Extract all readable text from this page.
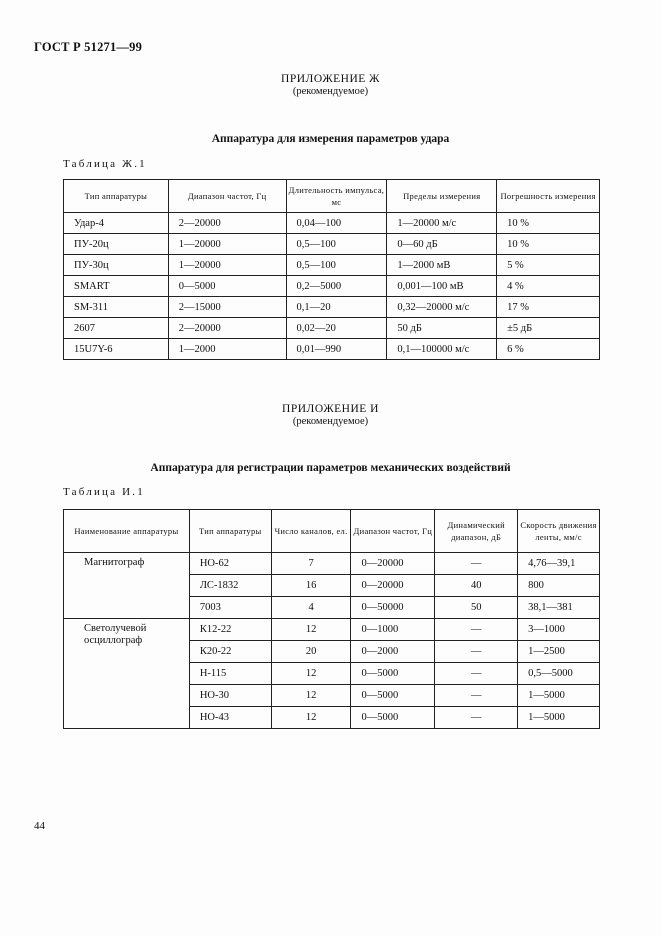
ГОСТ Р 51271—99
ПРИЛОЖЕНИЕ Ж
(рекомендуемое)
Аппаратура для измерения параметров удара
Таблица Ж.1
Тип аппаратуры	Диапазон частот, Гц	Длительность импульса, мс	Пределы измерения	Погрешность измерения
Удар-4	2—20000	0,04—100	1—20000 м/с	10 %
ПУ-20ц	1—20000	0,5—100	0—60 дБ	10 %
ПУ-30ц	1—20000	0,5—100	1—2000 мВ	5 %
SMART	0—5000	0,2—5000	0,001—100 мВ	4 %
SM-311	2—15000	0,1—20	0,32—20000 м/с	17 %
2607	2—20000	0,02—20	50 дБ	±5 дБ
15U7Y-6	1—2000	0,01—990	0,1—100000 м/с	6 %
ПРИЛОЖЕНИЕ И
(рекомендуемое)
Аппаратура для регистрации параметров механических воздействий
Таблица И.1
Наименование аппаратуры	Тип аппаратуры	Число каналов, ел.	Диапазон частот, Гц	Динамический диапазон, дБ	Скорость движения ленты, мм/с
Магнитограф	НО-62	7	0—20000	—	4,76—39,1
	ЛС-1832	16	0—20000	40	800
	7003	4	0—50000	50	38,1—381
Светолучевой осциллограф	К12-22	12	0—1000	—	3—1000
	К20-22	20	0—2000	—	1—2500
	Н-115	12	0—5000	—	0,5—5000
	НО-30	12	0—5000	—	1—5000
	НО-43	12	0—5000	—	1—5000
44
